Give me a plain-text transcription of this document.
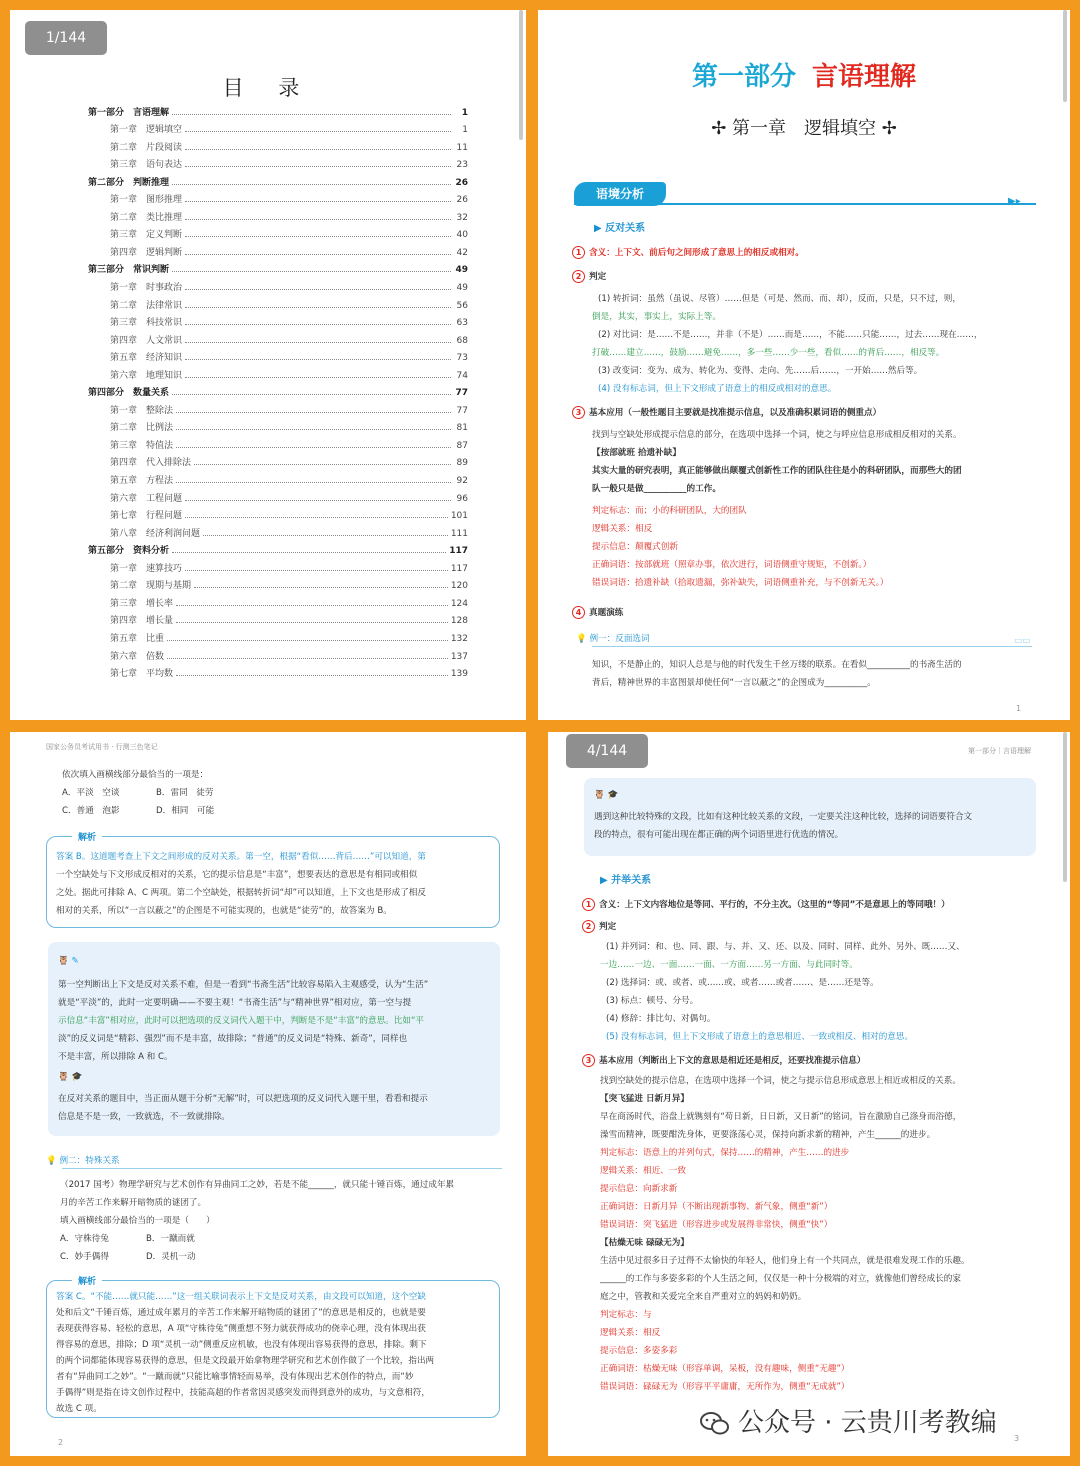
1/144
目 录
第一部分　言语理解	1
第一章　逻辑填空	1
第二章　片段阅读	11
第三章　语句表达	23
第二部分　判断推理	26
第一章　图形推理	26
第二章　类比推理	32
第三章　定义判断	40
第四章　逻辑判断	42
第三部分　常识判断	49
第一章　时事政治	49
第二章　法律常识	56
第三章　科技常识	63
第四章　人文常识	68
第五章　经济知识	73
第六章　地理知识	74
第四部分　数量关系	77
第一章　整除法	77
第二章　比例法	81
第三章　特值法	87
第四章　代入排除法	89
第五章　方程法	92
第六章　工程问题	96
第七章　行程问题	101
第八章　经济利润问题	111
第五部分　资料分析	117
第一章　速算技巧	117
第二章　现期与基期	120
第三章　增长率	124
第四章　增长量	128
第五章　比重	132
第六章　倍数	137
第七章　平均数	139
第一部分 言语理解
✢ 第一章　逻辑填空 ✢
语境分析
▶▸
▶ 反对关系
1 含义：上下文、前后句之间形成了意思上的相反或相对。
2 判定
(1) 转折词：虽然（虽说、尽管）……但是（可是、然而、而、却），反而，只是，只不过，则，
倒是，其实，事实上，实际上等。
(2) 对比词：是……不是……，并非（不是）……而是……，不能……只能……，过去……现在……，
打破……建立……，鼓励……避免……，多一些……少一些，看似……的背后……，相反等。
(3) 改变词：变为、成为、转化为、变得、走向、先……后……，一开始……然后等。
(4) 没有标志词，但上下文形成了语意上的相反或相对的意思。
3 基本应用（一般性题目主要就是找准提示信息，以及准确积累词语的侧重点）
找到与空缺处形成提示信息的部分，在选项中选择一个词，使之与呼应信息形成相反相对的关系。
【按部就班 拾遗补缺】
其实大量的研究表明，真正能够做出颠覆式创新性工作的团队往往是小的科研团队，而那些大的团
队一般只是做__________的工作。
判定标志：而；小的科研团队，大的团队
逻辑关系：相反
提示信息：颠覆式创新
正确词语：按部就班（照章办事，依次进行，词语侧重守规矩，不创新。）
错误词语：拾遗补缺（拾取遗漏，弥补缺失，词语侧重补充，与不创新无关。）
4 真题演练
💡 例一：反面选词	▭▭
知识，不是静止的，知识人总是与他的时代发生千丝万缕的联系。在看似__________的书斋生活的
背后，精神世界的丰富图景却使任何“一言以蔽之”的企图成为__________。
1
国家公务员考试用书 · 行测三色笔记
依次填入画横线部分最恰当的一项是：
A．平淡　空谈	B．雷同　徒劳
C．普通　泡影	D．相同　可能
解析
答案 B。这道题考查上下文之间形成的反对关系。第一空，根据“看似……背后……”可以知道，第
一个空缺处与下文形成反相对的关系，它的提示信息是“丰富”，想要表达的意思是有相同或相似
之处。据此可排除 A、C 两项。第二个空缺处，根据转折词“却”可以知道，上下文也是形成了相反
相对的关系，所以“一言以蔽之”的企图是不可能实现的，也就是“徒劳”的，故答案为 B。
🦉 ✎
第一空判断出上下文是反对关系不难，但是一看到“书斋生活”比较容易陷入主观感受，认为“生活”
就是“平淡”的，此时一定要明确——不要主观！“书斋生活”与“精神世界”相对应，第一空与提
示信息“丰富”相对应，此时可以把选项的反义词代入题干中，判断是不是“丰富”的意思。比如“平
淡”的反义词是“精彩、强烈”而不是丰富，故排除；“普通”的反义词是“特殊、新奇”，同样也
不是丰富，所以排除 A 和 C。
🦉 🎓
在反对关系的题目中，当正面从题干分析“无解”时，可以把选项的反义词代入题干里，看看和提示
信息是不是一致，一致就选，不一致就排除。
💡 例二：特殊关系
（2017 国考）物理学研究与艺术创作有异曲同工之妙，若是不能______，就只能十锤百炼，通过成年累
月的辛苦工作来解开暗物质的谜团了。
填入画横线部分最恰当的一项是（　　）
A．守株待兔	B．一蹴而就
C．妙手偶得	D．灵机一动
解析
答案 C。“不能……就只能……”这一组关联词表示上下文是反对关系，由文段可以知道，这个空缺
处和后文“千锤百炼，通过成年累月的辛苦工作来解开暗物质的谜团了”的意思是相反的，也就是要
表现获得容易、轻松的意思，A 项“守株待兔”侧重想不努力就获得成功的侥幸心理，没有体现出获
得容易的意思，排除；D 项“灵机一动”侧重反应机敏，也没有体现出容易获得的意思，排除。剩下
的两个词都能体现容易获得的意思，但是文段最开始拿物理学研究和艺术创作做了一个比较，指出两
者有“异曲同工之妙”。“一蹴而就”只能比喻事情轻而易举，没有体现出艺术创作的特点，而“妙
手偶得”则是指在诗文创作过程中，技能高超的作者常因灵感突发而得到意外的成功，与文意相符，
故选 C 项。
2
4/144	第一部分｜言语理解
🦉 🎓
遇到这种比较特殊的文段，比如有这种比较关系的文段，一定要关注这种比较，选择的词语要符合文
段的特点，很有可能出现在都正确的两个词语里进行优选的情况。
▶ 并举关系
1 含义：上下文内容地位是等同、平行的，不分主次。（这里的“等同”不是意思上的等同哦！）
2 判定
(1) 并列词：和、也、同、跟、与、并、又、还、以及、同时、同样、此外、另外、既……又、
一边……一边、一面……一面、一方面……另一方面、与此同时等。
(2) 选择词：或、或者、或……或、或者……或者……、是……还是等。
(3) 标点：顿号、分号。
(4) 修辞：排比句、对偶句。
(5) 没有标志词，但上下文形成了语意上的意思相近、一致或相反、相对的意思。
3 基本应用（判断出上下文的意思是相近还是相反，还要找准提示信息）
找到空缺处的提示信息，在选项中选择一个词，使之与提示信息形成意思上相近或相反的关系。
【突飞猛进 日新月异】
早在商汤时代，浴盘上就镌刻有“苟日新，日日新，又日新”的铭词，旨在激励自己涤身而浴德，
澡雪而精神，既要酣洗身体，更要涤荡心灵，保持向新求新的精神，产生______的进步。
判定标志：语意上的并列句式，保持……的精神，产生……的进步
逻辑关系：相近、一致
提示信息：向新求新
正确词语：日新月异（不断出现新事物、新气象，侧重“新”）
错误词语：突飞猛进（形容进步或发展得非常快，侧重“快”）
【枯燥无味 碌碌无为】
生活中见过很多日子过得不太愉快的年轻人，他们身上有一个共同点，就是很难发现工作的乐趣。
______的工作与多姿多彩的个人生活之间，仅仅是一种十分极端的对立，就像他们曾经成长的家
庭之中，管教和关爱完全来自严重对立的妈妈和奶奶。
判定标志：与
逻辑关系：相反
提示信息：多姿多彩
正确词语：枯燥无味（形容单调，呆板，没有趣味，侧重“无趣”）
错误词语：碌碌无为（形容平平庸庸，无所作为，侧重“无成就”）
3
公众号 · 云贵川考教编
